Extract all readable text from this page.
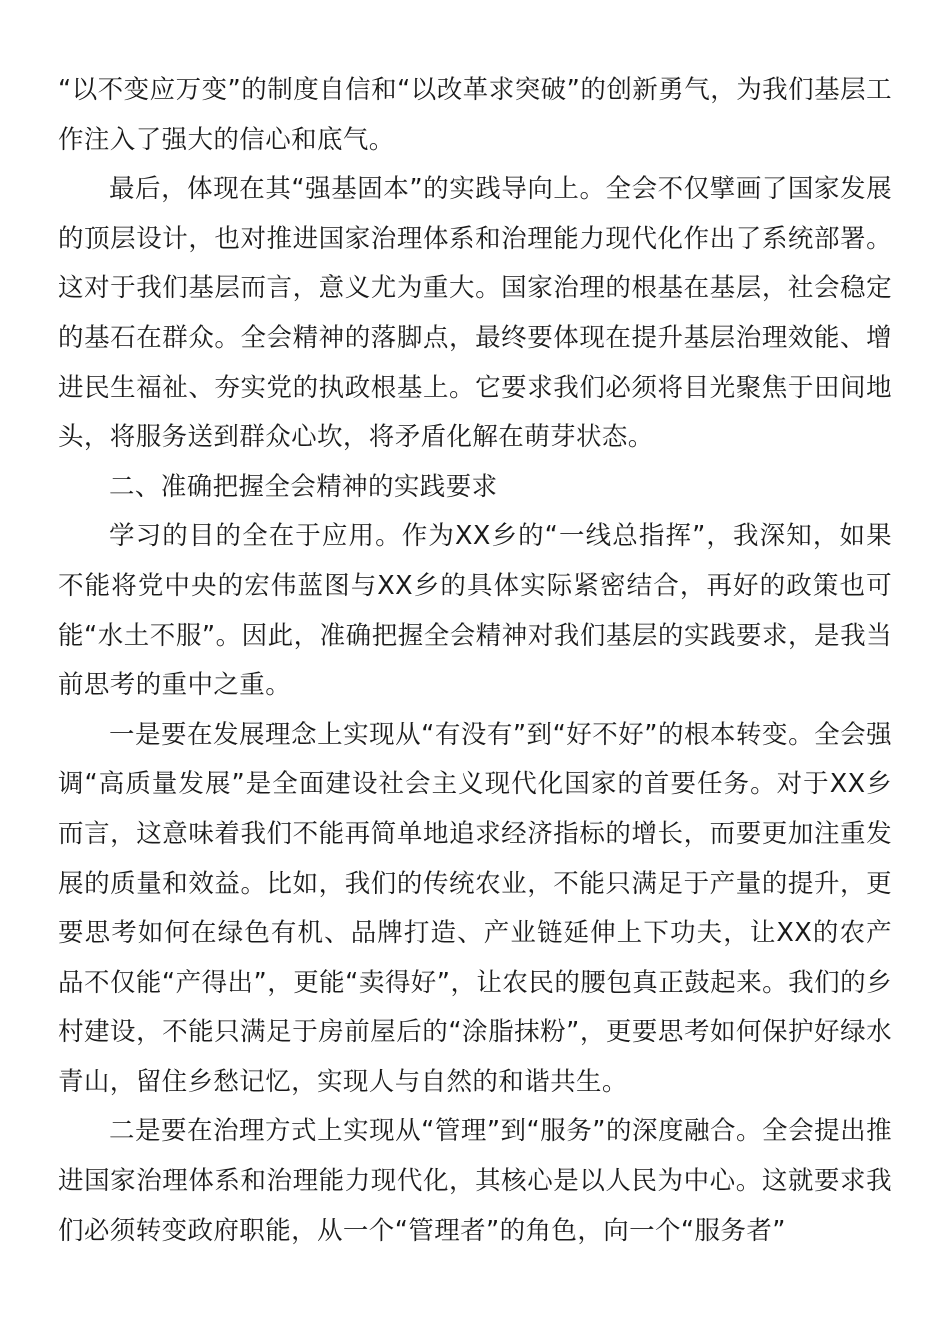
“以不变应万变”的制度自信和“以改革求突破”的创新勇气，为我们基层工作注入了强大的信心和底气。

最后，体现在其“强基固本”的实践导向上。全会不仅擘画了国家发展的顶层设计，也对推进国家治理体系和治理能力现代化作出了系统部署。这对于我们基层而言，意义尤为重大。国家治理的根基在基层，社会稳定的基石在群众。全会精神的落脚点，最终要体现在提升基层治理效能、增进民生福祉、夯实党的执政根基上。它要求我们必须将目光聚焦于田间地头，将服务送到群众心坎，将矛盾化解在萌芽状态。

二、准确把握全会精神的实践要求

学习的目的全在于应用。作为XX乡的“一线总指挥”，我深知，如果不能将党中央的宏伟蓝图与XX乡的具体实际紧密结合，再好的政策也可能“水土不服”。因此，准确把握全会精神对我们基层的实践要求，是我当前思考的重中之重。

一是要在发展理念上实现从“有没有”到“好不好”的根本转变。全会强调“高质量发展”是全面建设社会主义现代化国家的首要任务。对于XX乡而言，这意味着我们不能再简单地追求经济指标的增长，而要更加注重发展的质量和效益。比如，我们的传统农业，不能只满足于产量的提升，更要思考如何在绿色有机、品牌打造、产业链延伸上下功夫，让XX的农产品不仅能“产得出”，更能“卖得好”，让农民的腰包真正鼓起来。我们的乡村建设，不能只满足于房前屋后的“涂脂抹粉”，更要思考如何保护好绿水青山，留住乡愁记忆，实现人与自然的和谐共生。

二是要在治理方式上实现从“管理”到“服务”的深度融合。全会提出推进国家治理体系和治理能力现代化，其核心是以人民为中心。这就要求我们必须转变政府职能，从一个“管理者”的角色，向一个“服务者”
